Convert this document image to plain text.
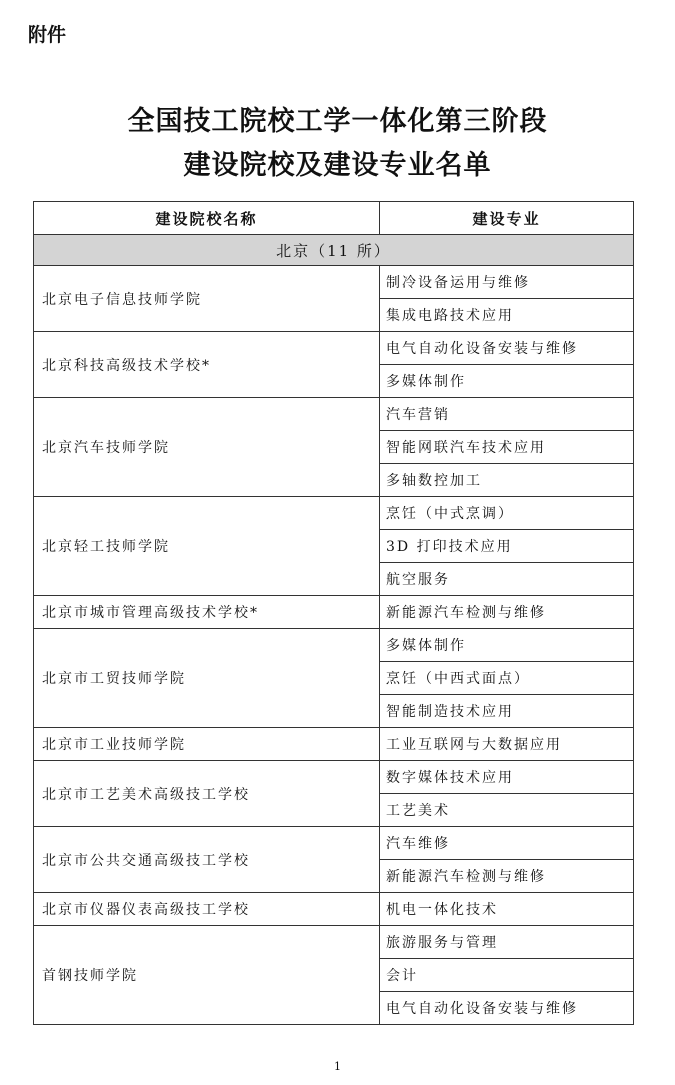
附件
全国技工院校工学一体化第三阶段
建设院校及建设专业名单
建设院校名称	建设专业
北京（11 所）	
北京电子信息技师学院	制冷设备运用与维修
	集成电路技术应用
北京科技高级技术学校*	电气自动化设备安装与维修
	多媒体制作
北京汽车技师学院	汽车营销
	智能网联汽车技术应用
	多轴数控加工
北京轻工技师学院	烹饪（中式烹调）
	3D 打印技术应用
	航空服务
北京市城市管理高级技术学校*	新能源汽车检测与维修
北京市工贸技师学院	多媒体制作
	烹饪（中西式面点）
	智能制造技术应用
北京市工业技师学院	工业互联网与大数据应用
北京市工艺美术高级技工学校	数字媒体技术应用
	工艺美术
北京市公共交通高级技工学校	汽车维修
	新能源汽车检测与维修
北京市仪器仪表高级技工学校	机电一体化技术
首钢技师学院	旅游服务与管理
	会计
	电气自动化设备安装与维修
1
